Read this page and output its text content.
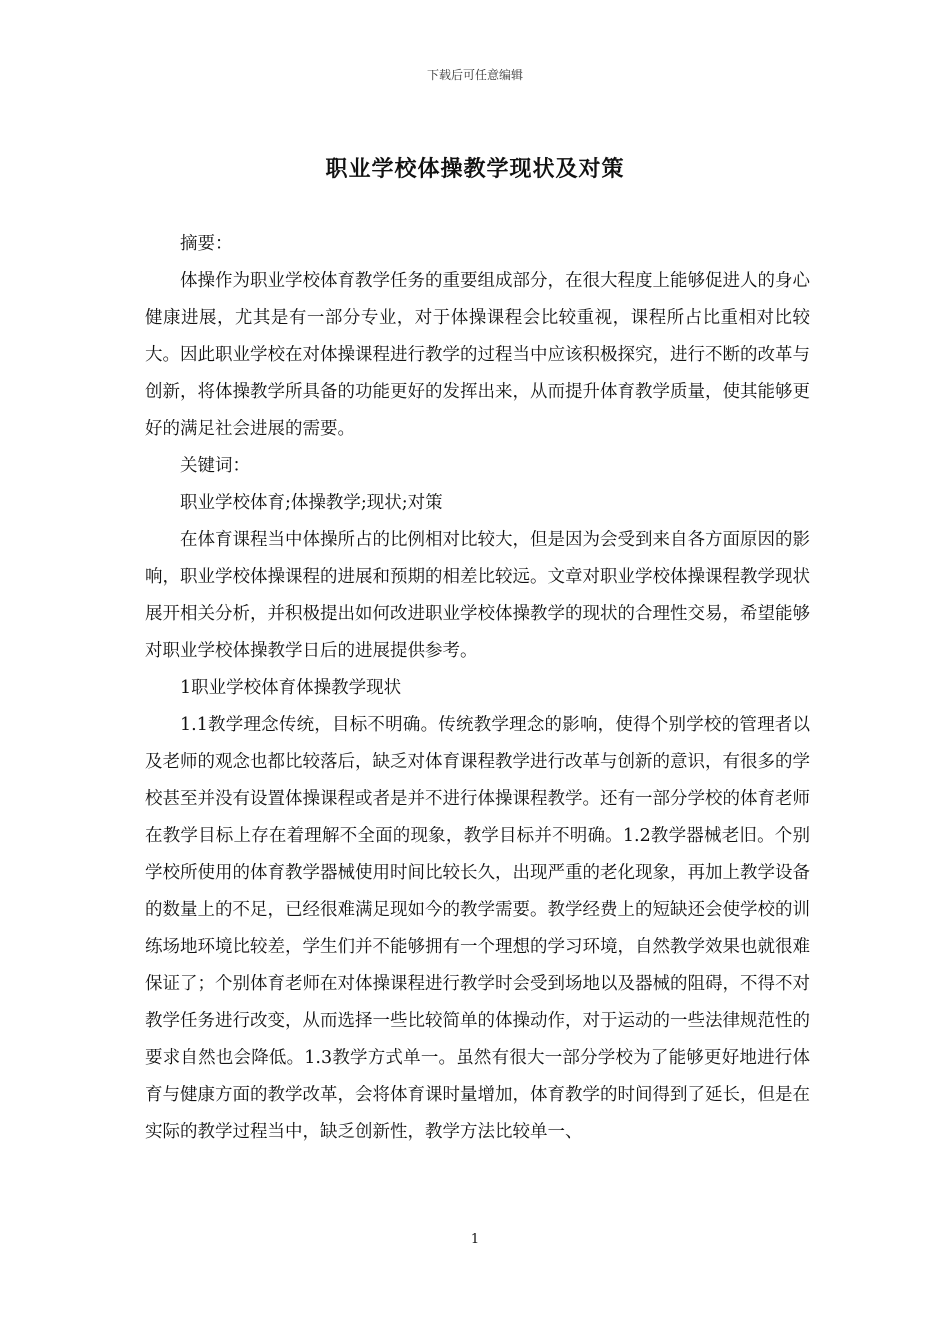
下载后可任意编辑
职业学校体操教学现状及对策

摘要：

体操作为职业学校体育教学任务的重要组成部分，在很大程度上能够促进人的身心健康进展，尤其是有一部分专业，对于体操课程会比较重视，课程所占比重相对比较大。因此职业学校在对体操课程进行教学的过程当中应该积极探究，进行不断的改革与创新，将体操教学所具备的功能更好的发挥出来，从而提升体育教学质量，使其能够更好的满足社会进展的需要。

关键词：

职业学校体育;体操教学;现状;对策

在体育课程当中体操所占的比例相对比较大，但是因为会受到来自各方面原因的影响，职业学校体操课程的进展和预期的相差比较远。文章对职业学校体操课程教学现状展开相关分析，并积极提出如何改进职业学校体操教学的现状的合理性交易，希望能够对职业学校体操教学日后的进展提供参考。

1职业学校体育体操教学现状

1.1教学理念传统，目标不明确。传统教学理念的影响，使得个别学校的管理者以及老师的观念也都比较落后，缺乏对体育课程教学进行改革与创新的意识，有很多的学校甚至并没有设置体操课程或者是并不进行体操课程教学。还有一部分学校的体育老师在教学目标上存在着理解不全面的现象，教学目标并不明确。1.2教学器械老旧。个别学校所使用的体育教学器械使用时间比较长久，出现严重的老化现象，再加上教学设备的数量上的不足，已经很难满足现如今的教学需要。教学经费上的短缺还会使学校的训练场地环境比较差，学生们并不能够拥有一个理想的学习环境，自然教学效果也就很难保证了；个别体育老师在对体操课程进行教学时会受到场地以及器械的阻碍，不得不对教学任务进行改变，从而选择一些比较简单的体操动作，对于运动的一些法律规范性的要求自然也会降低。1.3教学方式单一。虽然有很大一部分学校为了能够更好地进行体育与健康方面的教学改革，会将体育课时量增加，体育教学的时间得到了延长，但是在实际的教学过程当中，缺乏创新性，教学方法比较单一、

1
